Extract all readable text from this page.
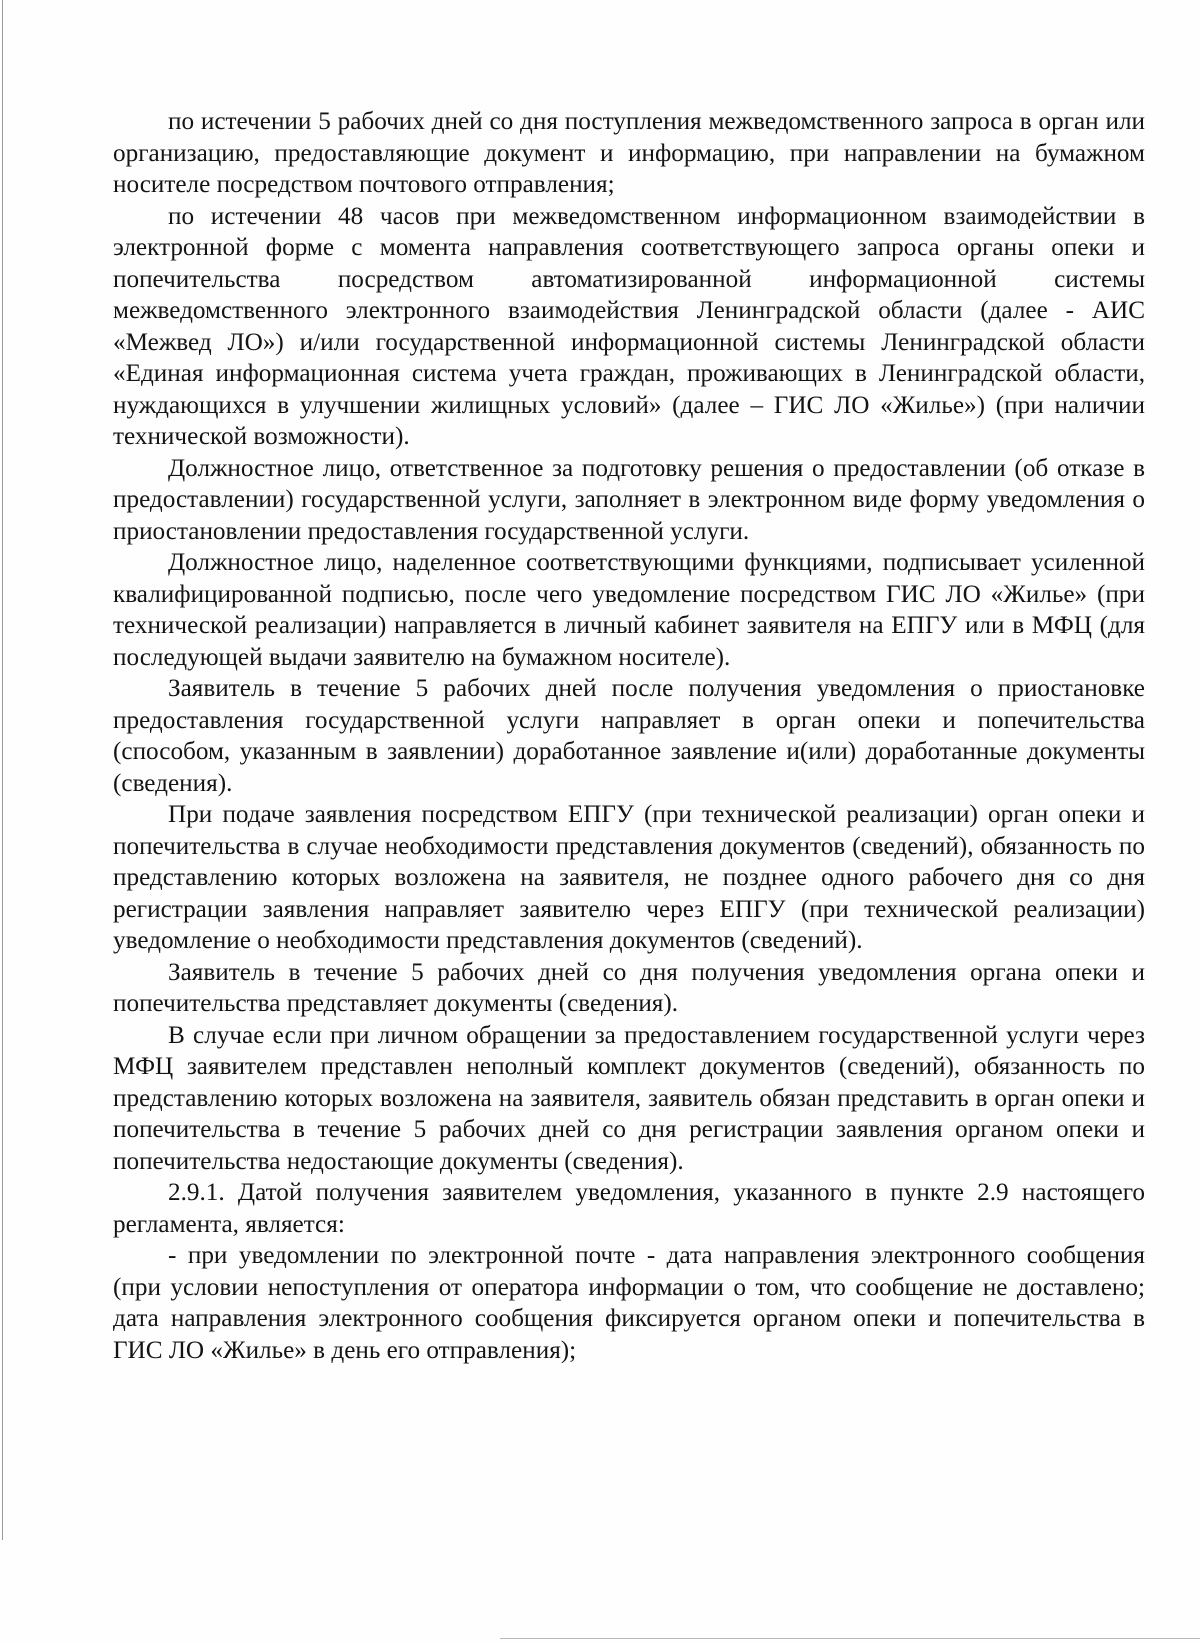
по истечении 5 рабочих дней со дня поступления межведомственного запроса в орган или организацию, предоставляющие документ и информацию, при направлении на бумажном носителе посредством почтового отправления;

по истечении 48 часов при межведомственном информационном взаимодействии в электронной форме с момента направления соответствующего запроса органы опеки и попечительства посредством автоматизированной информационной системы межведомственного электронного взаимодействия Ленинградской области (далее - АИС «Межвед ЛО») и/или государственной информационной системы Ленинградской области «Единая информационная система учета граждан, проживающих в Ленинградской области, нуждающихся в улучшении жилищных условий» (далее – ГИС ЛО «Жилье») (при наличии технической возможности).

Должностное лицо, ответственное за подготовку решения о предоставлении (об отказе в предоставлении) государственной услуги, заполняет в электронном виде форму уведомления о приостановлении предоставления государственной услуги.

Должностное лицо, наделенное соответствующими функциями, подписывает усиленной квалифицированной подписью, после чего уведомление посредством ГИС ЛО «Жилье» (при технической реализации) направляется в личный кабинет заявителя на ЕПГУ или в МФЦ (для последующей выдачи заявителю на бумажном носителе).

Заявитель в течение 5 рабочих дней после получения уведомления о приостановке предоставления государственной услуги направляет в орган опеки и попечительства (способом, указанным в заявлении) доработанное заявление и(или) доработанные документы (сведения).

При подаче заявления посредством ЕПГУ (при технической реализации) орган опеки и попечительства в случае необходимости представления документов (сведений), обязанность по представлению которых возложена на заявителя, не позднее одного рабочего дня со дня регистрации заявления направляет заявителю через ЕПГУ (при технической реализации) уведомление о необходимости представления документов (сведений).

Заявитель в течение 5 рабочих дней со дня получения уведомления органа опеки и попечительства представляет документы (сведения).

В случае если при личном обращении за предоставлением государственной услуги через МФЦ заявителем представлен неполный комплект документов (сведений), обязанность по представлению которых возложена на заявителя, заявитель обязан представить в орган опеки и попечительства в течение 5 рабочих дней со дня регистрации заявления органом опеки и попечительства недостающие документы (сведения).

2.9.1. Датой получения заявителем уведомления, указанного в пункте 2.9 настоящего регламента, является:

- при уведомлении по электронной почте - дата направления электронного сообщения (при условии непоступления от оператора информации о том, что сообщение не доставлено; дата направления электронного сообщения фиксируется органом опеки и попечительства в ГИС ЛО «Жилье» в день его отправления);
